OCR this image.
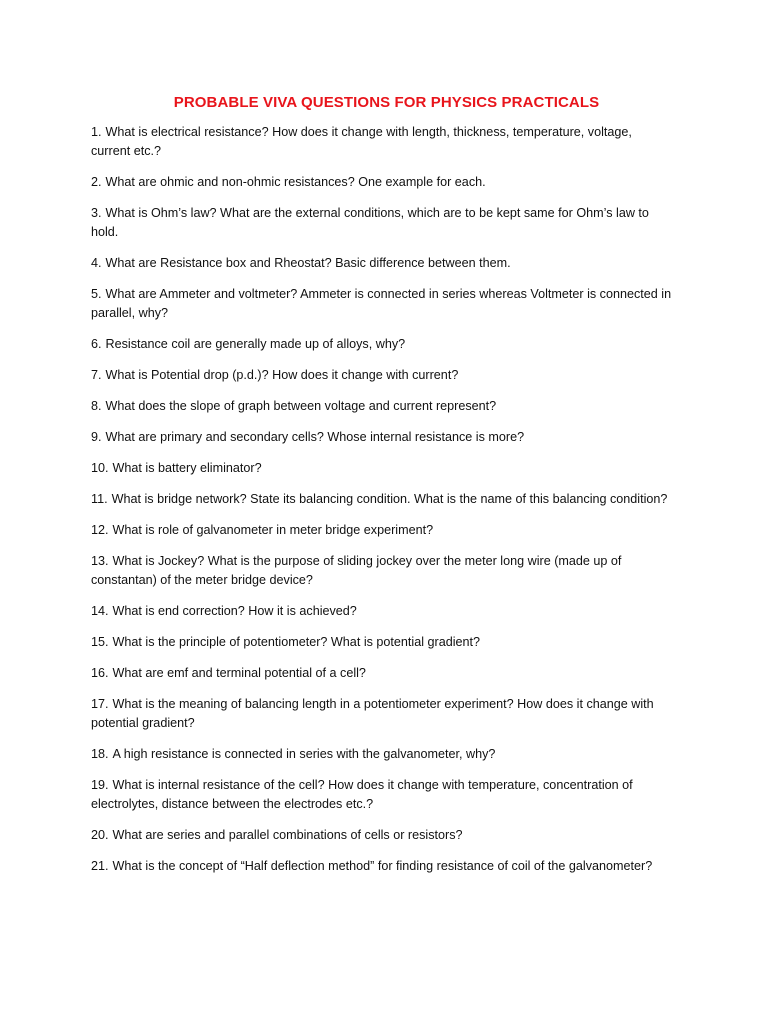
PROBABLE VIVA QUESTIONS FOR PHYSICS PRACTICALS
1. What is electrical resistance? How does it change with length, thickness, temperature, voltage, current etc.?
2. What are ohmic and non-ohmic resistances? One example for each.
3. What is Ohm’s law? What are the external conditions, which are to be kept same for Ohm’s law to hold.
4. What are Resistance box and Rheostat? Basic difference between them.
5. What are Ammeter and voltmeter? Ammeter is connected in series whereas Voltmeter is connected in parallel, why?
6. Resistance coil are generally made up of alloys, why?
7. What is Potential drop (p.d.)? How does it change with current?
8. What does the slope of graph between voltage and current represent?
9. What are primary and secondary cells? Whose internal resistance is more?
10. What is battery eliminator?
11. What is bridge network? State its balancing condition. What is the name of this balancing condition?
12. What is role of galvanometer in meter bridge experiment?
13. What is Jockey? What is the purpose of sliding jockey over the meter long wire (made up of constantan) of the meter bridge device?
14. What is end correction? How it is achieved?
15. What is the principle of potentiometer? What is potential gradient?
16. What are emf and terminal potential of a cell?
17. What is the meaning of balancing length in a potentiometer experiment? How does it change with potential gradient?
18. A high resistance is connected in series with the galvanometer, why?
19. What is internal resistance of the cell? How does it change with temperature, concentration of electrolytes, distance between the electrodes etc.?
20. What are series and parallel combinations of cells or resistors?
21. What is the concept of “Half deflection method” for finding resistance of coil of the galvanometer?
